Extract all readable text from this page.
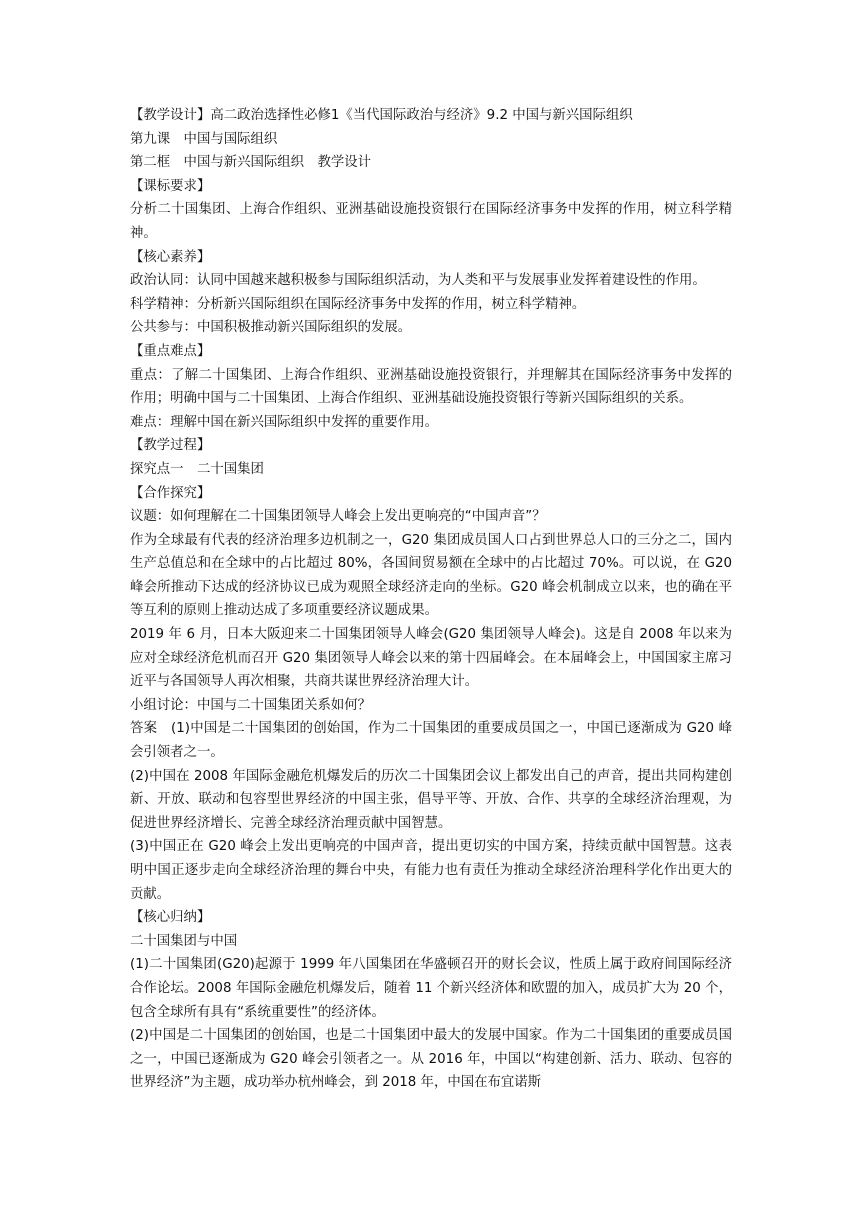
【教学设计】高二政治选择性必修1《当代国际政治与经济》9.2 中国与新兴国际组织

第九课　中国与国际组织

第二框　中国与新兴国际组织　教学设计

【课标要求】

分析二十国集团、上海合作组织、亚洲基础设施投资银行在国际经济事务中发挥的作用，树立科学精神。

【核心素养】

政治认同：认同中国越来越积极参与国际组织活动，为人类和平与发展事业发挥着建设性的作用。

科学精神：分析新兴国际组织在国际经济事务中发挥的作用，树立科学精神。

公共参与：中国积极推动新兴国际组织的发展。

【重点难点】

重点：了解二十国集团、上海合作组织、亚洲基础设施投资银行，并理解其在国际经济事务中发挥的作用；明确中国与二十国集团、上海合作组织、亚洲基础设施投资银行等新兴国际组织的关系。

难点：理解中国在新兴国际组织中发挥的重要作用。

【教学过程】

探究点一　二十国集团

【合作探究】

议题：如何理解在二十国集团领导人峰会上发出更响亮的“中国声音”？

作为全球最有代表的经济治理多边机制之一，G20 集团成员国人口占到世界总人口的三分之二，国内生产总值总和在全球中的占比超过 80%，各国间贸易额在全球中的占比超过 70%。可以说，在 G20 峰会所推动下达成的经济协议已成为观照全球经济走向的坐标。G20 峰会机制成立以来，也的确在平等互利的原则上推动达成了多项重要经济议题成果。

2019 年 6 月，日本大阪迎来二十国集团领导人峰会(G20 集团领导人峰会)。这是自 2008 年以来为应对全球经济危机而召开 G20 集团领导人峰会以来的第十四届峰会。在本届峰会上，中国国家主席习近平与各国领导人再次相聚，共商共谋世界经济治理大计。

小组讨论：中国与二十国集团关系如何？

答案　(1)中国是二十国集团的创始国，作为二十国集团的重要成员国之一，中国已逐渐成为 G20 峰会引领者之一。

(2)中国在 2008 年国际金融危机爆发后的历次二十国集团会议上都发出自己的声音，提出共同构建创新、开放、联动和包容型世界经济的中国主张，倡导平等、开放、合作、共享的全球经济治理观，为促进世界经济增长、完善全球经济治理贡献中国智慧。

(3)中国正在 G20 峰会上发出更响亮的中国声音，提出更切实的中国方案，持续贡献中国智慧。这表明中国正逐步走向全球经济治理的舞台中央，有能力也有责任为推动全球经济治理科学化作出更大的贡献。

【核心归纳】

二十国集团与中国

(1)二十国集团(G20)起源于 1999 年八国集团在华盛顿召开的财长会议，性质上属于政府间国际经济合作论坛。2008 年国际金融危机爆发后，随着 11 个新兴经济体和欧盟的加入，成员扩大为 20 个，包含全球所有具有“系统重要性”的经济体。

(2)中国是二十国集团的创始国，也是二十国集团中最大的发展中国家。作为二十国集团的重要成员国之一，中国已逐渐成为 G20 峰会引领者之一。从 2016 年，中国以“构建创新、活力、联动、包容的世界经济”为主题，成功举办杭州峰会，到 2018 年，中国在布宜诺斯
